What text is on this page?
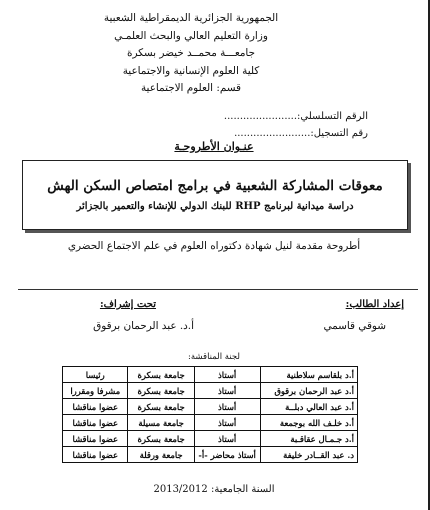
الجمهورية الجزائرية الديمقراطية الشعبية
وزارة التعليم العالي والبحث العلمـي
جامعـــة محمــد خيضر بسكرة
كلية العلوم الإنسانية والاجتماعية
قسم: العلوم الاجتماعية
الرقم التسلسلي:.......................
رقم التسجيل:........................
عنـوان الأطروحـة
معوقات المشاركة الشعبية في برامج امتصاص السكن الهش
دراسة ميدانية لبرنامج RHP للبنك الدولي للإنشاء والتعمير بالجزائر
أطروحة مقدمة لنيل شهادة دكتوراه العلوم في علم الاجتماع الحضري
إعداد الطالب:
تحت إشراف:
شوقي قاسمي
أ.د. عبد الرحمان برقوق
لجنة المناقشة:
أ.د بلقاسم سلاطنية	أستاذ	جامعة بسكرة	رئيسا
أ.د عبد الرحمان برقوق	أستاذ	جامعة بسكرة	مشرفا ومقررا
أ.د عبد العالي دبلــة	أستاذ	جامعة بسكرة	عضوا مناقشا
أ.د خلـف الله بوجمعة	أستاذ	جامعة مسيلة	عضوا مناقشا
أ.د جـمـال عقاقـبة	أستاذ	جامعة بسكرة	عضوا مناقشا
د. عبد القــادر خليفة	أستاذ محاضر -أ-	جامعة ورقلة	عضوا مناقشا
السنة الجامعية: 2013/2012
